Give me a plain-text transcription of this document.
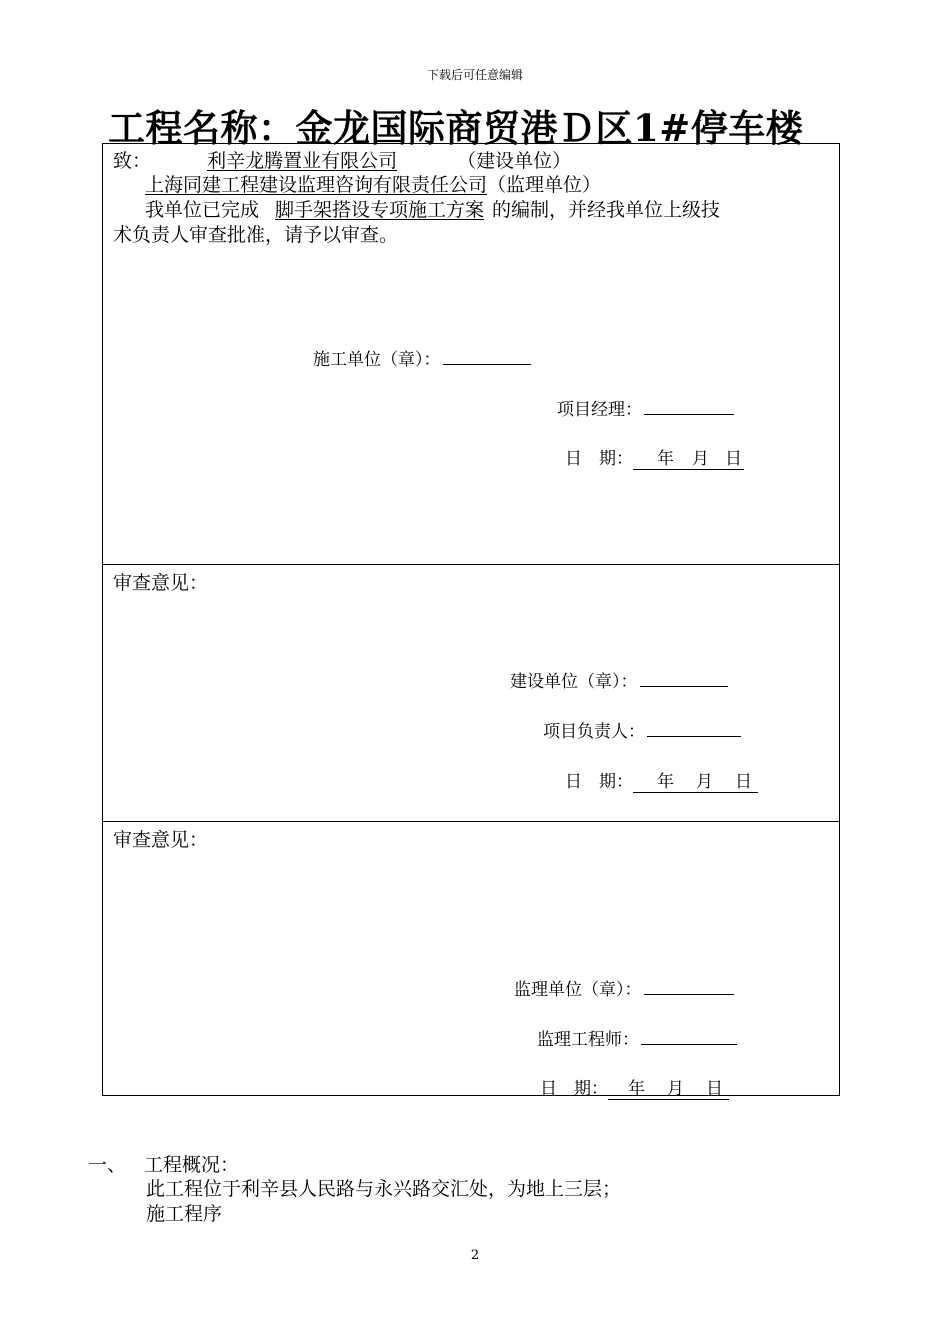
下载后可任意编辑
工程名称：金龙国际商贸港Ｄ区1#停车楼
致：	利辛龙腾置业有限公司	（建设单位）
上海同建工程建设监理咨询有限责任公司（监理单位）
我单位已完成 脚手架搭设专项施工方案 的编制，并经我单位上级技
术负责人审查批准，请予以审查。
施工单位（章）：
项目经理：
日　期： 年 月 日
审查意见：
建设单位（章）：
项目负责人：
日　期： 年 月 日
审查意见：
监理单位（章）：
监理工程师：
日　期： 年 月 日
一、 工程概况：
此工程位于利辛县人民路与永兴路交汇处，为地上三层；
施工程序
2
